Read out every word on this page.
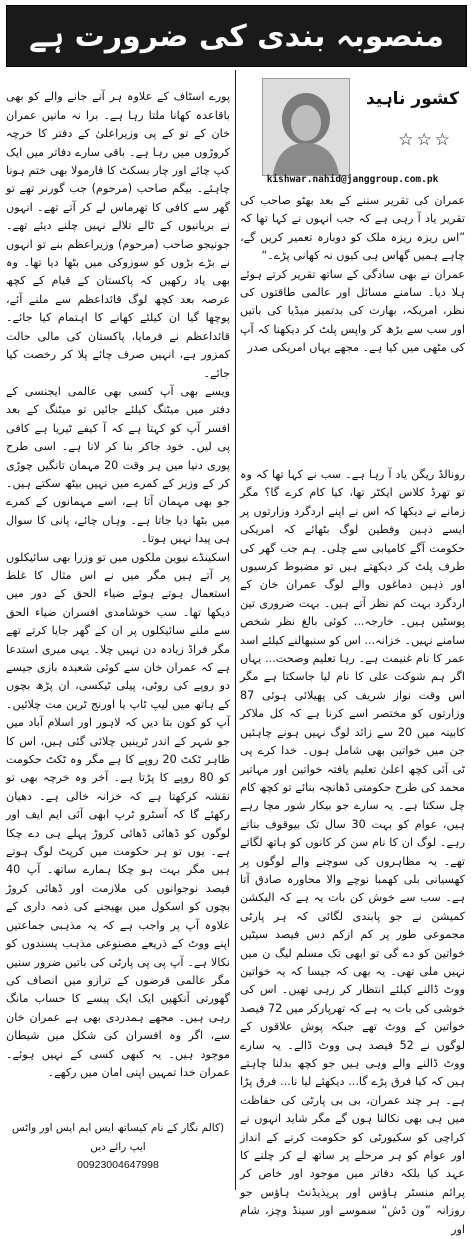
منصوبہ بندی کی ضرورت ہے
کشور ناہید
☆☆☆
kishwar.nahid@janggroup.com.pk
عمران کی تقریر سننے کے بعد بھٹو صاحب کی تقریر یاد آ رہی ہے کہ جب انہوں نے کہا تھا کہ ”اس ریزہ ریزہ ملک کو دوبارہ تعمیر کریں گے، چاہے ہمیں گھاس ہی کیوں نہ کھانی پڑے۔“
عمران نے بھی سادگی کے ساتھ تقریر کرتے ہوئے ہلا دیا۔ سامنے مسائل اور عالمی طاقتوں کی نظر، امریکہ، بھارت کی بدتمیز میڈیا کی باتیں اور سب سے بڑھ کر واپس پلٹ کر دیکھنا کہ آپ کی مٹھی میں کیا ہے۔ مجھے یہاں امریکی صدر
رونالڈ ریگن یاد آ رہا ہے۔ سب نے کہا تھا کہ وہ تو تھرڈ کلاس ایکٹر تھا، کیا کام کرے گا؟ مگر زمانے نے دیکھا کہ اس نے اپنے اردگرد وزارتوں پر ایسے ذہین وفطین لوگ بٹھائے کہ امریکی حکومت آگے کامیابی سے چلی۔ ہم جب گھر کی طرف پلٹ کر دیکھتے ہیں تو مضبوط کرسیوں اور ذہین دماغوں والے لوگ عمران خان کے اردگرد بہت کم نظر آتے ہیں۔ بہت ضروری تین پوسٹیں ہیں۔ خارجہ... کوئی بالغ نظر شخص سامنے نہیں۔ خزانہ... اس کو سنبھالنے کیلئے اسد عمر کا نام غنیمت ہے۔ رہا تعلیم وصحت... یہاں اگر ہم شوکت علی کا نام لیا جاسکتا ہے مگر اس وقت نواز شریف کی پھیلائی ہوئی 87 وزارتوں کو مختصر اسے کرنا ہے کہ کل ملاکر کابینہ میں 20 سے زائد لوگ نہیں ہونے چاہئیں جن میں خواتین بھی شامل ہوں۔ خدا کرے پی ٹی آئی کچھ اعلیٰ تعلیم یافتہ خواتین اور مہاتیر محمد کی طرح حکومتی ڈھانچہ بنائے تو کچھ کام چل سکتا ہے۔ یہ سارے جو بیکار شور مچا رہے ہیں، عوام کو بہت 30 سال تک بیوقوف بناتے رہے۔ لوگ ان کا نام سن کر کانوں کو ہاتھ لگاتے تھے۔ یہ مظاہروں کی سوچنے والے لوگوں پر کھسیانی بلی کھمبا نوچے والا محاورہ صادق آتا ہے۔ سب سے خوش کن بات یہ ہے کہ الیکشن کمیشن نے جو پابندی لگائی کہ ہر پارٹی مجموعی طور پر کم ازکم دس فیصد سیٹیں خواتین کو دے گی تو ابھی تک مسلم لیگ ن میں نہیں ملی تھی۔ یہ بھی کہ جیسا کہ یہ خواتین ووٹ ڈالنے کیلئے انتظار کر رہی تھیں۔ اس کی خوشی کی بات یہ ہے کہ تھرپارکر میں 72 فیصد خواتین کے ووٹ تھے جبکہ پوش علاقوں کے لوگوں نے 52 فیصد ہی ووٹ ڈالے۔ یہ سارے ووٹ ڈالنے والے وہی ہیں جو کچھ بدلنا چاہتے ہیں کہ کیا فرق پڑے گا... دیکھئے لیا نا... فرق پڑا ہے۔ ہر چند عمران، بی بی پارٹی کی حفاظت میں ہی بھی نکالنا ہوں گے مگر شاید انہوں نے کراچی کو سکیورٹی کو حکومت کرنے کے انداز اور عوام کو ہر مرحلے پر ساتھ لے کر چلنے کا عہد کیا بلکہ دفاتر میں موجود اور خاص کر پرائم منسٹر ہاؤس اور پریذیڈنٹ ہاؤس جو روزانہ ”ون ڈش“ سموسے اور سینڈ وچز، شام اور

پورے اسٹاف کے علاوہ ہر آنے جانے والے کو بھی باقاعدہ کھانا ملتا رہا ہے۔ برا نہ مانیں عمران خان کے تو کے پی وزیراعلیٰ کے دفتر کا خرچہ کروڑوں میں رہا ہے۔ باقی سارے دفاتر میں ایک کپ چائے اور چار بسکٹ کا فارمولا بھی ختم ہونا چاہئے۔ بیگم صاحب (مرحوم) جب گورنر تھے تو گھر سے کافی کا تھرماس لے کر آتے تھے۔ انہوں نے بریانیوں کے ٹالے تلالے نہیں چلنے دیئے تھے۔ جونیجو صاحب (مرحوم) وزیراعظم بنے تو انہوں نے بڑے بڑوں کو سوزوکی میں بٹھا دیا تھا۔ وہ بھی یاد رکھیں کہ پاکستان کے قیام کے کچھ عرصہ بعد کچھ لوگ قائداعظم سے ملنے آئے، پوچھا گیا ان کیلئے کھانے کا اہتمام کیا جائے۔ قائداعظم نے فرمایا، پاکستان کی مالی حالت کمزور ہے، انہیں صرف چائے پلا کر رخصت کیا جائے۔
ویسے بھی آپ کسی بھی عالمی ایجنسی کے دفتر میں میٹنگ کیلئے جائیں تو میٹنگ کے بعد افسر آپ کو کہتا ہے کہ آ کیفے ٹیریا ہے کافی پی لیں۔ خود جاکر بنا کر لانا ہے۔ اسی طرح پوری دنیا میں ہر وقت 20 مہمان تانگیں چوڑی کر کے وزیر کے کمرے میں نہیں بیٹھ سکتے ہیں۔ جو بھی مہمان آتا ہے، اسے مہمانوں کے کمرے میں بٹھا دیا جاتا ہے۔ وہاں چائے، پانی کا سوال ہی پیدا نہیں ہوتا۔
اسکینڈے نیوین ملکوں میں تو وزرا بھی سائیکلوں پر آتے ہیں مگر میں نے اس مثال کا غلط استعمال ہوتے ہوئے ضیاء الحق کے دور میں دیکھا تھا۔ سب خوشامدی افسران ضیاء الحق سے ملنے سائیکلوں پر ان کے گھر جایا کرتے تھے مگر فراڈ زیادہ دن نہیں چلا۔ یہی میری استدعا ہے کہ عمران خان سے کوئی شعبدہ بازی جیسے دو روپے کی روٹی، پیلی ٹیکسی، ان پڑھ بچوں کے ہاتھ میں لیپ ٹاپ یا اورنج ٹرین مت چلائیں۔ آپ کو کون بتا دیں کہ لاہور اور اسلام آباد میں جو شہر کے اندر ٹرینیں چلائی گئی ہیں، اس کا ظاہر ٹکٹ 20 روپے کا ہے مگر وہ ٹکٹ حکومت کو 80 روپے کا پڑتا ہے۔ آخر وہ خرچہ بھی تو نقشہ کرکھتا ہے کہ خزانہ خالی ہے۔ دھیان رکھئے گا کہ آسٹرو ٹرپ ابھی آئی ایم ایف اور لوگوں کو ڈھائی ڈھائی کروڑ پہلے ہی دے چکا ہے۔ یوں تو ہر حکومت میں کرپٹ لوگ ہوتے ہیں مگر بہت ہو چکا ہمارے ساتھ۔ آپ 40 فیصد نوجوانوں کی ملازمت اور ڈھائی کروڑ بچوں کو اسکول میں بھیجنے کی ذمہ داری کے علاوہ آپ پر واجب ہے کہ یہ مذہبی جماعتیں اپنے ووٹ کے ذریعے مصنوعی مذہب پسندوں کو نکالا ہے۔ آپ پی پی پارٹی کی باتیں ضرور سنیں مگر عالمی قرضوں کے ترازو میں انصاف کی گھورتی آنکھیں ایک ایک پیسے کا حساب مانگ رہی ہیں۔ مجھے ہمدردی بھی ہے عمران خان سے، اگر وہ افسران کی شکل میں شیطان موجود ہیں۔ یہ کبھی کسی کے نہیں ہوئے۔ عمران خدا تمہیں اپنی امان میں رکھے۔

(کالم نگار کے نام کیساتھ ایس ایم ایس اور واٹس ایپ رائے دیں
00923004647998
